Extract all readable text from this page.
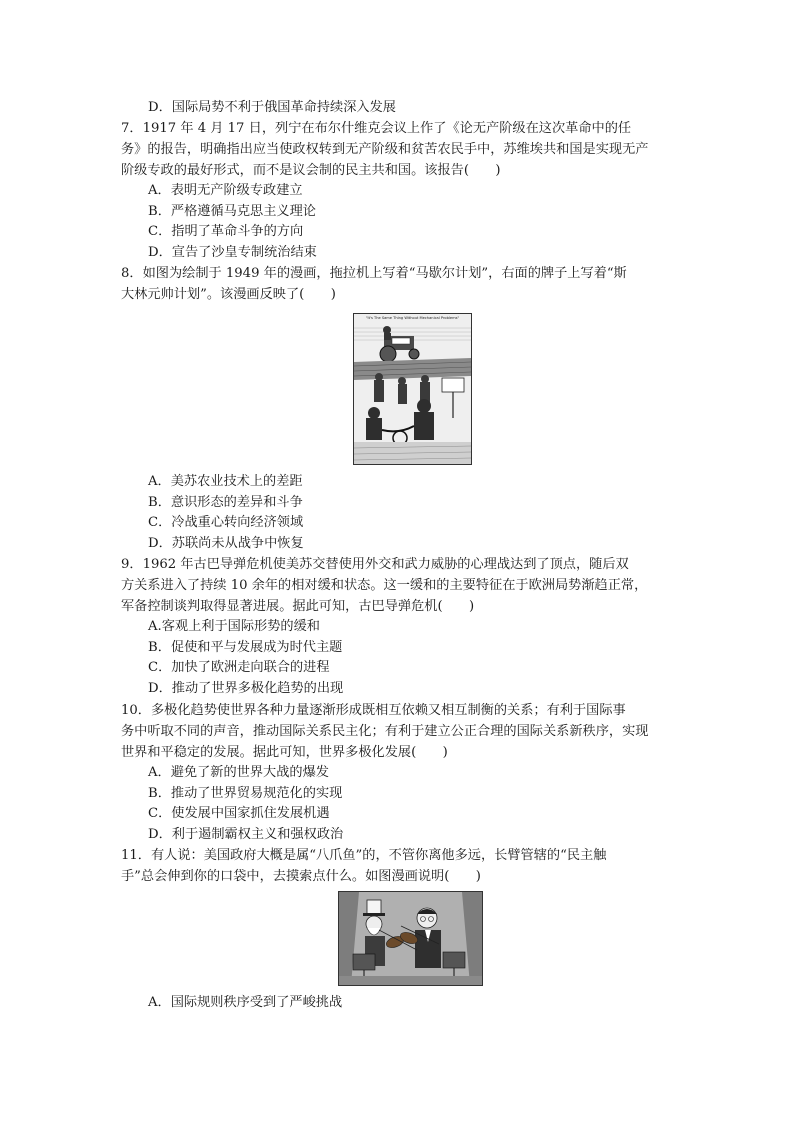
D．国际局势不利于俄国革命持续深入发展
7．1917 年 4 月 17 日，列宁在布尔什维克会议上作了《论无产阶级在这次革命中的任
务》的报告，明确指出应当使政权转到无产阶级和贫苦农民手中，苏维埃共和国是实现无产
阶级专政的最好形式，而不是议会制的民主共和国。该报告(　　)
A．表明无产阶级专政建立
B．严格遵循马克思主义理论
C．指明了革命斗争的方向
D．宣告了沙皇专制统治结束
8．如图为绘制于 1949 年的漫画，拖拉机上写着“马歇尔计划”，右面的牌子上写着“斯
大林元帅计划”。该漫画反映了(　　)
"It's The Same Thing Without Mechanical Problems"
A．美苏农业技术上的差距
B．意识形态的差异和斗争
C．冷战重心转向经济领域
D．苏联尚未从战争中恢复
9．1962 年古巴导弹危机使美苏交替使用外交和武力威胁的心理战达到了顶点，随后双
方关系进入了持续 10 余年的相对缓和状态。这一缓和的主要特征在于欧洲局势渐趋正常，
军备控制谈判取得显著进展。据此可知，古巴导弹危机(　　)
A.客观上利于国际形势的缓和
B．促使和平与发展成为时代主题
C．加快了欧洲走向联合的进程
D．推动了世界多极化趋势的出现
10．多极化趋势使世界各种力量逐渐形成既相互依赖又相互制衡的关系；有利于国际事
务中听取不同的声音，推动国际关系民主化；有利于建立公正合理的国际关系新秩序，实现
世界和平稳定的发展。据此可知，世界多极化发展(　　)
A．避免了新的世界大战的爆发
B．推动了世界贸易规范化的实现
C．使发展中国家抓住发展机遇
D．利于遏制霸权主义和强权政治
11．有人说：美国政府大概是属“八爪鱼”的，不管你离他多远，长臂管辖的“民主触
手”总会伸到你的口袋中，去摸索点什么。如图漫画说明(　　)
A．国际规则秩序受到了严峻挑战
